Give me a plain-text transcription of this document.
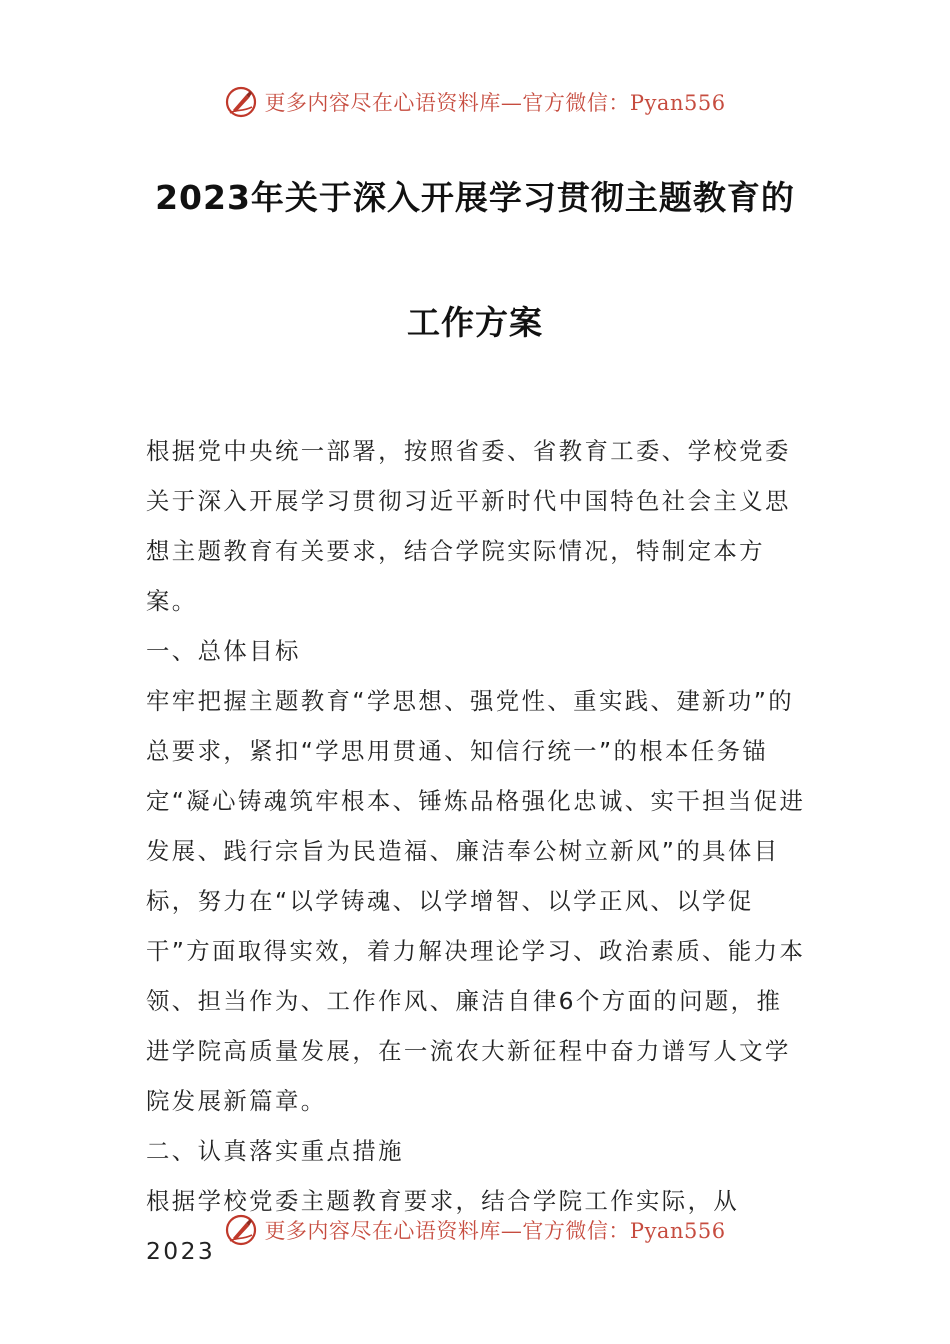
更多内容尽在心语资料库—官方微信：Pyan556
2023年关于深入开展学习贯彻主题教育的
工作方案

根据党中央统一部署，按照省委、省教育工委、学校党委关于深入开展学习贯彻习近平新时代中国特色社会主义思想主题教育有关要求，结合学院实际情况，特制定本方案。

一、总体目标

牢牢把握主题教育“学思想、强党性、重实践、建新功”的总要求，紧扣“学思用贯通、知信行统一”的根本任务锚定“凝心铸魂筑牢根本、锤炼品格强化忠诚、实干担当促进发展、践行宗旨为民造福、廉洁奉公树立新风”的具体目标，努力在“以学铸魂、以学增智、以学正风、以学促干”方面取得实效，着力解决理论学习、政治素质、能力本领、担当作为、工作作风、廉洁自律6个方面的问题，推进学院高质量发展，在一流农大新征程中奋力谱写人文学院发展新篇章。

二、认真落实重点措施

根据学校党委主题教育要求，结合学院工作实际，从2023

更多内容尽在心语资料库—官方微信：Pyan556
